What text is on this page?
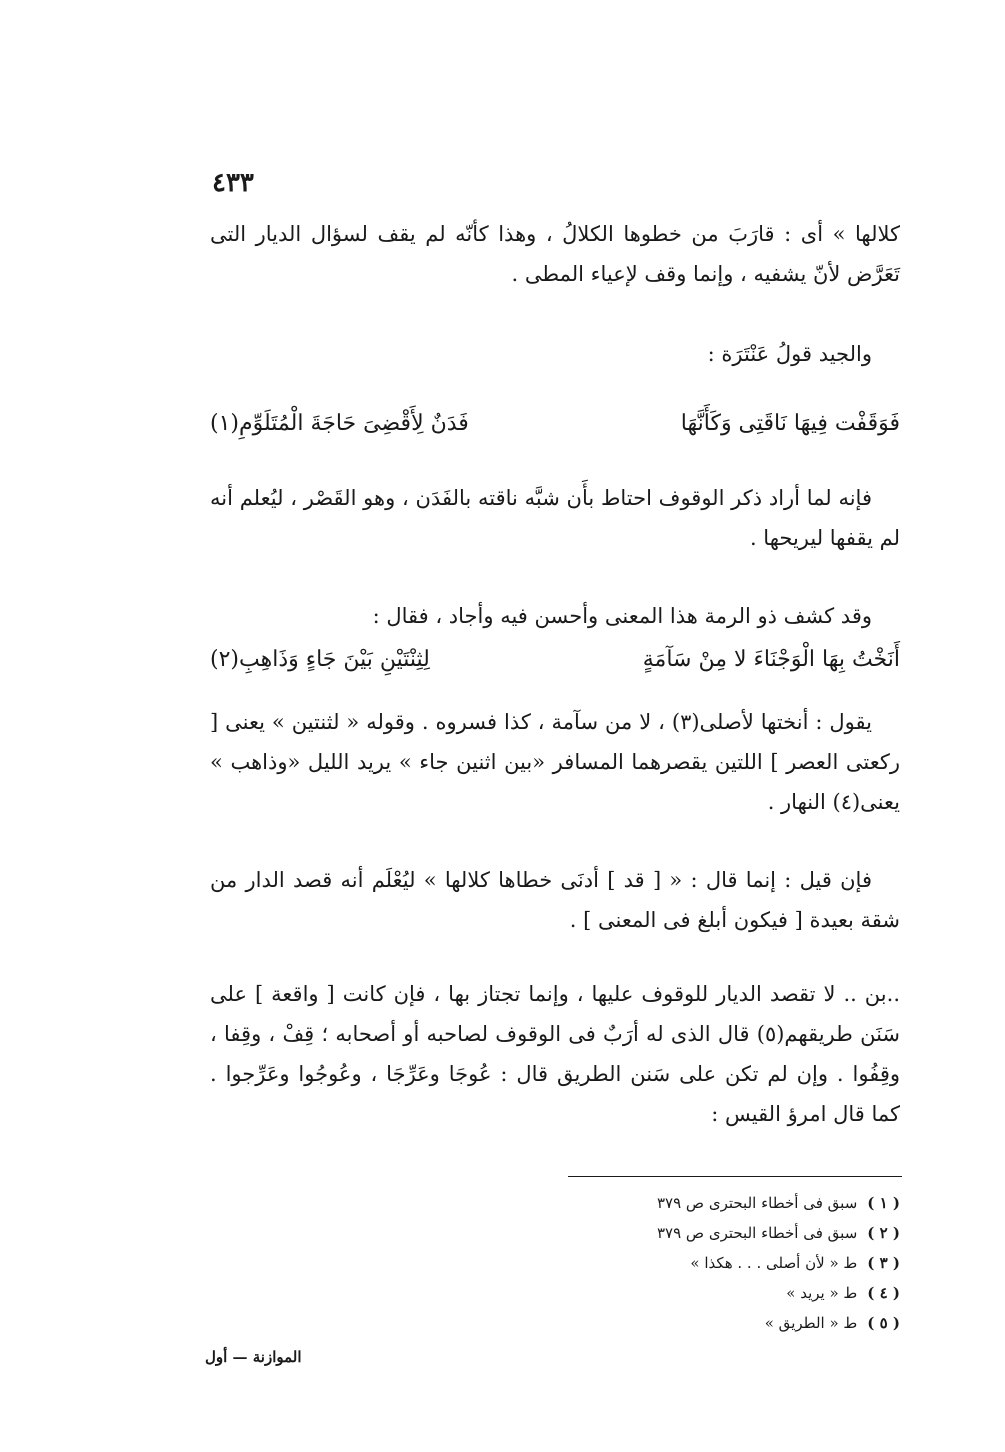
٤٣٣
كلالها » أى : قارَبَ من خطوها الكلالُ ، وهذا كأنّه لم يقف لسؤال الديار التى تَعَرَّض لأنّ يشفيه ، وإنما وقف لإعياء المطى .
والجيد قولُ عَنْتَرَة :
فَوَقَفْت فِيهَا نَاقَتِى وَكَأَنَّهَا
فَدَنٌ لِأَقْضِىَ حَاجَةَ الْمُتَلَوِّمِ(١)
فإنه لما أراد ذكر الوقوف احتاط بأَن شبَّه ناقته بالفَدَن ، وهو القَصْر ، ليُعلم أنه لم يقفها ليريحها .
وقد كشف ذو الرمة هذا المعنى وأحسن فيه وأجاد ، فقال :
أَنَخْتُ بِهَا الْوَجْنَاءَ لا مِنْ سَآمَةٍ
لِثِنْتَيْنِ بَيْنَ جَاءٍ وَذَاهِبِ(٢)
يقول : أنختها لأصلى(٣) ، لا من سآمة ، كذا فسروه . وقوله « لثنتين » يعنى [ ركعتى العصر ] اللتين يقصرهما المسافر «بين اثنين جاء » يريد الليل «وذاهب » يعنى(٤) النهار .
فإن قيل : إنما قال : « [ قد ] أدنَى خطاها كلالها » ليُعْلَم أنه قصد الدار من شقة بعيدة [ فيكون أبلغ فى المعنى ] .
..بن .. لا تقصد الديار للوقوف عليها ، وإنما تجتاز بها ، فإن كانت [ واقعة ] على سَنَن طريقهم(٥) قال الذى له أرَبٌ فى الوقوف لصاحبه أو أصحابه ؛ قِفْ ، وقِفا ، وقِفُوا . وإن لم تكن على سَنن الطريق قال : عُوجَا وعَرِّجَا ، وعُوجُوا وعَرِّجوا . كما قال امرؤ القيس :
( ١ )
سبق فى أخطاء البحترى ص ٣٧٩
( ٢ )
سبق فى أخطاء البحترى ص ٣٧٩
( ٣ )
ط « لأن أصلى . . . هكذا »
( ٤ )
ط « يريد »
( ٥ )
ط « الطريق »
الموازنة — أول
